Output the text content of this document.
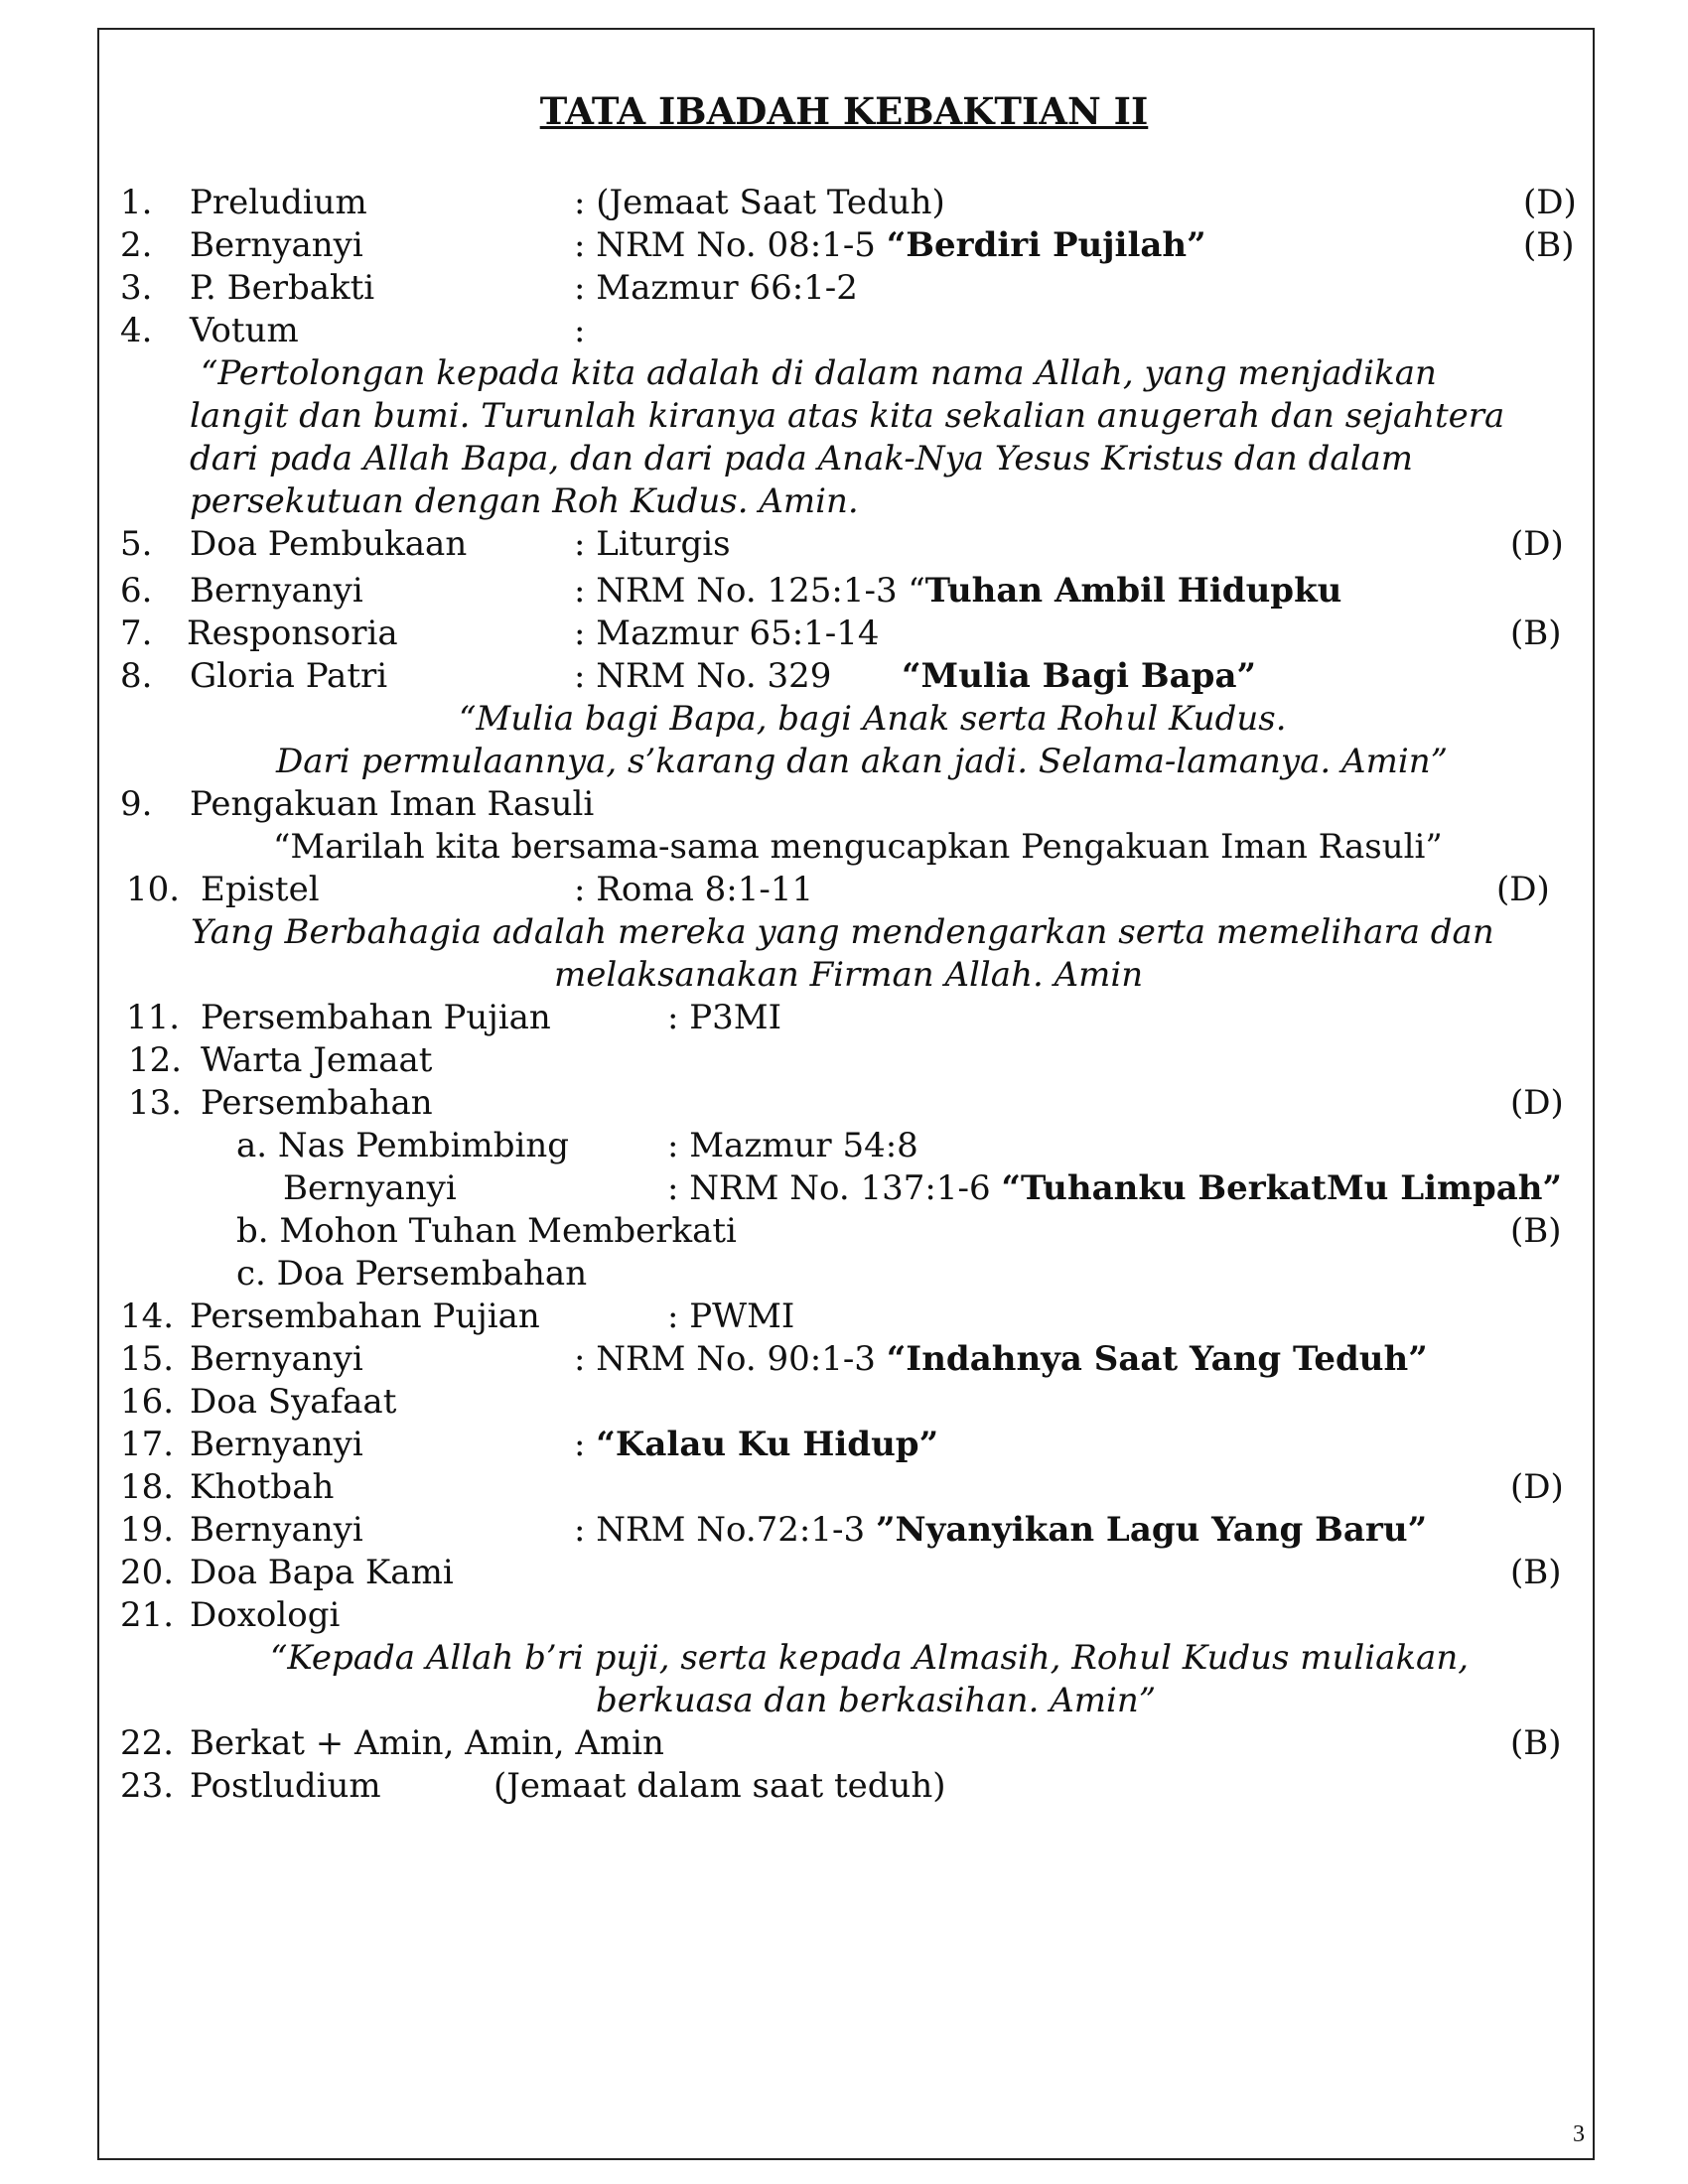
TATA IBADAH KEBAKTIAN II
1. Preludium	: (Jemaat Saat Teduh)	(D)
2. Bernyanyi	: NRM No. 08:1-5 “Berdiri Pujilah”	(B)
3. P. Berbakti	: Mazmur 66:1-2
4. Votum	:
“Pertolongan kepada kita adalah di dalam nama Allah, yang menjadikan
langit dan bumi. Turunlah kiranya atas kita sekalian anugerah dan sejahtera
dari pada Allah Bapa, dan dari pada Anak-Nya Yesus Kristus dan dalam
persekutuan dengan Roh Kudus. Amin.
5. Doa Pembukaan	: Liturgis	(D)
6. Bernyanyi	: NRM No. 125:1-3 “Tuhan Ambil Hidupku
7. Responsoria	: Mazmur 65:1-14	(B)
8. Gloria Patri	: NRM No. 329 “Mulia Bagi Bapa”
“Mulia bagi Bapa, bagi Anak serta Rohul Kudus.
Dari permulaannya, s’karang dan akan jadi. Selama-lamanya. Amin”
9. Pengakuan Iman Rasuli
“Marilah kita bersama-sama mengucapkan Pengakuan Iman Rasuli”
10. Epistel	: Roma 8:1-11	(D)
Yang Berbahagia adalah mereka yang mendengarkan serta memelihara dan
melaksanakan Firman Allah. Amin
11. Persembahan Pujian	: P3MI
12. Warta Jemaat
13. Persembahan	(D)
a. Nas Pembimbing	: Mazmur 54:8
Bernyanyi	: NRM No. 137:1-6 “Tuhanku BerkatMu Limpah”
b. Mohon Tuhan Memberkati	(B)
c. Doa Persembahan
14. Persembahan Pujian	: PWMI
15. Bernyanyi	: NRM No. 90:1-3 “Indahnya Saat Yang Teduh”
16. Doa Syafaat
17. Bernyanyi	: “Kalau Ku Hidup”
18. Khotbah	(D)
19. Bernyanyi	: NRM No.72:1-3 ”Nyanyikan Lagu Yang Baru”
20. Doa Bapa Kami	(B)
21. Doxologi
“Kepada Allah b’ri puji, serta kepada Almasih, Rohul Kudus muliakan,
berkuasa dan berkasihan. Amin”
22. Berkat + Amin, Amin, Amin	(B)
23. Postludium	(Jemaat dalam saat teduh)
3
